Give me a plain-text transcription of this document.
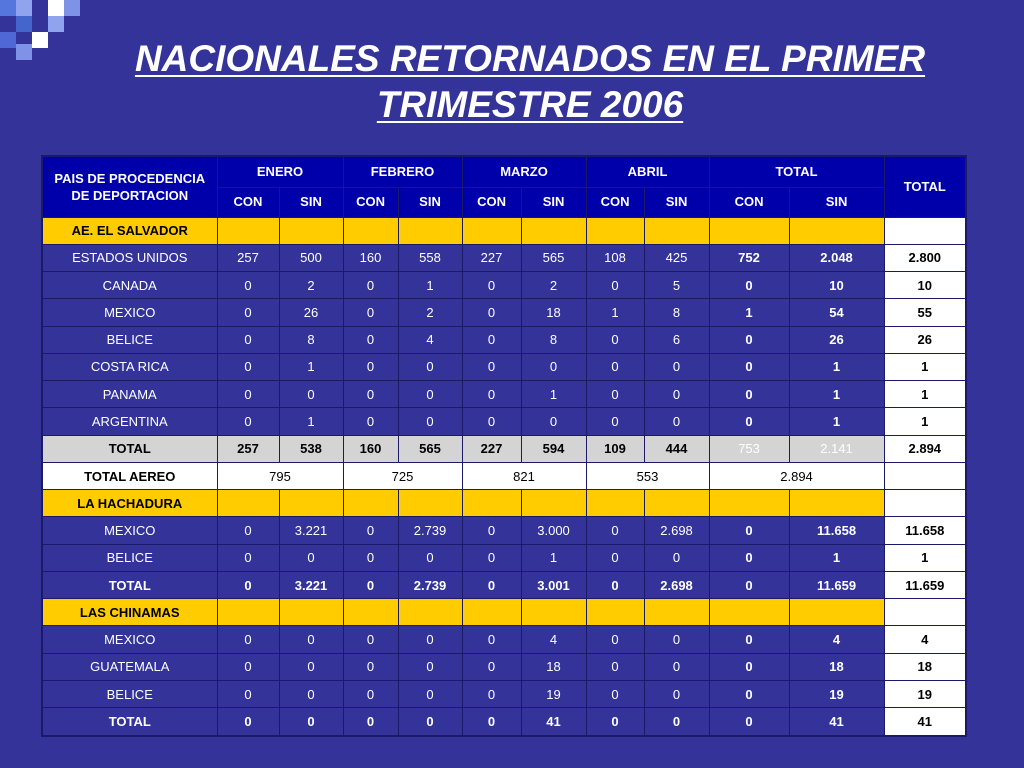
NACIONALES RETORNADOS EN EL PRIMER
TRIMESTRE 2006
PAIS DE PROCEDENCIA DE DEPORTACION	ENERO		FEBRERO		MARZO		ABRIL		TOTAL		TOTAL
	CON	SIN	CON	SIN	CON	SIN	CON	SIN	CON	SIN	
AE. EL SALVADOR											
ESTADOS UNIDOS	257	500	160	558	227	565	108	425	752	2.048	2.800
CANADA	0	2	0	1	0	2	0	5	0	10	10
MEXICO	0	26	0	2	0	18	1	8	1	54	55
BELICE	0	8	0	4	0	8	0	6	0	26	26
COSTA RICA	0	1	0	0	0	0	0	0	0	1	1
PANAMA	0	0	0	0	0	1	0	0	0	1	1
ARGENTINA	0	1	0	0	0	0	0	0	0	1	1
TOTAL	257	538	160	565	227	594	109	444	753	2.141	2.894
TOTAL AEREO	795		725		821		553		2.894		
LA HACHADURA											
MEXICO	0	3.221	0	2.739	0	3.000	0	2.698	0	11.658	11.658
BELICE	0	0	0	0	0	1	0	0	0	1	1
TOTAL	0	3.221	0	2.739	0	3.001	0	2.698	0	11.659	11.659
LAS CHINAMAS											
MEXICO	0	0	0	0	0	4	0	0	0	4	4
GUATEMALA	0	0	0	0	0	18	0	0	0	18	18
BELICE	0	0	0	0	0	19	0	0	0	19	19
TOTAL	0	0	0	0	0	41	0	0	0	41	41
